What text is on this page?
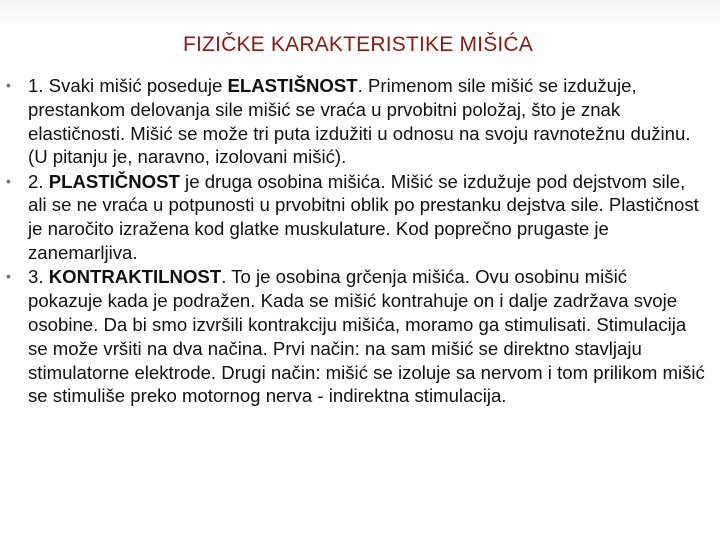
FIZIČKE KARAKTERISTIKE MIŠIĆA
• 1. Svaki mišić poseduje ELASTIŠNOST. Primenom sile mišić se izdužuje, prestankom delovanja sile mišić se vraća u prvobitni položaj, što je znak elastičnosti. Mišić se može tri puta izdužiti u odnosu na svoju ravnotežnu dužinu. (U pitanju je, naravno, izolovani mišić).
• 2. PLASTIČNOST je druga osobina mišića. Mišić se izdužuje pod dejstvom sile, ali se ne vraća u potpunosti u prvobitni oblik po prestanku dejstva sile. Plastičnost je naročito izražena kod glatke muskulature. Kod poprečno prugaste je zanemarljiva.
• 3. KONTRAKTILNOST. To je osobina grčenja mišića. Ovu osobinu mišić pokazuje kada je podražen. Kada se mišić kontrahuje on i dalje zadržava svoje osobine. Da bi smo izvršili kontrakciju mišića, moramo ga stimulisati. Stimulacija se može vršiti na dva načina. Prvi način: na sam mišić se direktno stavljaju stimulatorne elektrode. Drugi način: mišić se izoluje sa nervom i tom prilikom mišić se stimuliše preko motornog nerva - indirektna stimulacija.
